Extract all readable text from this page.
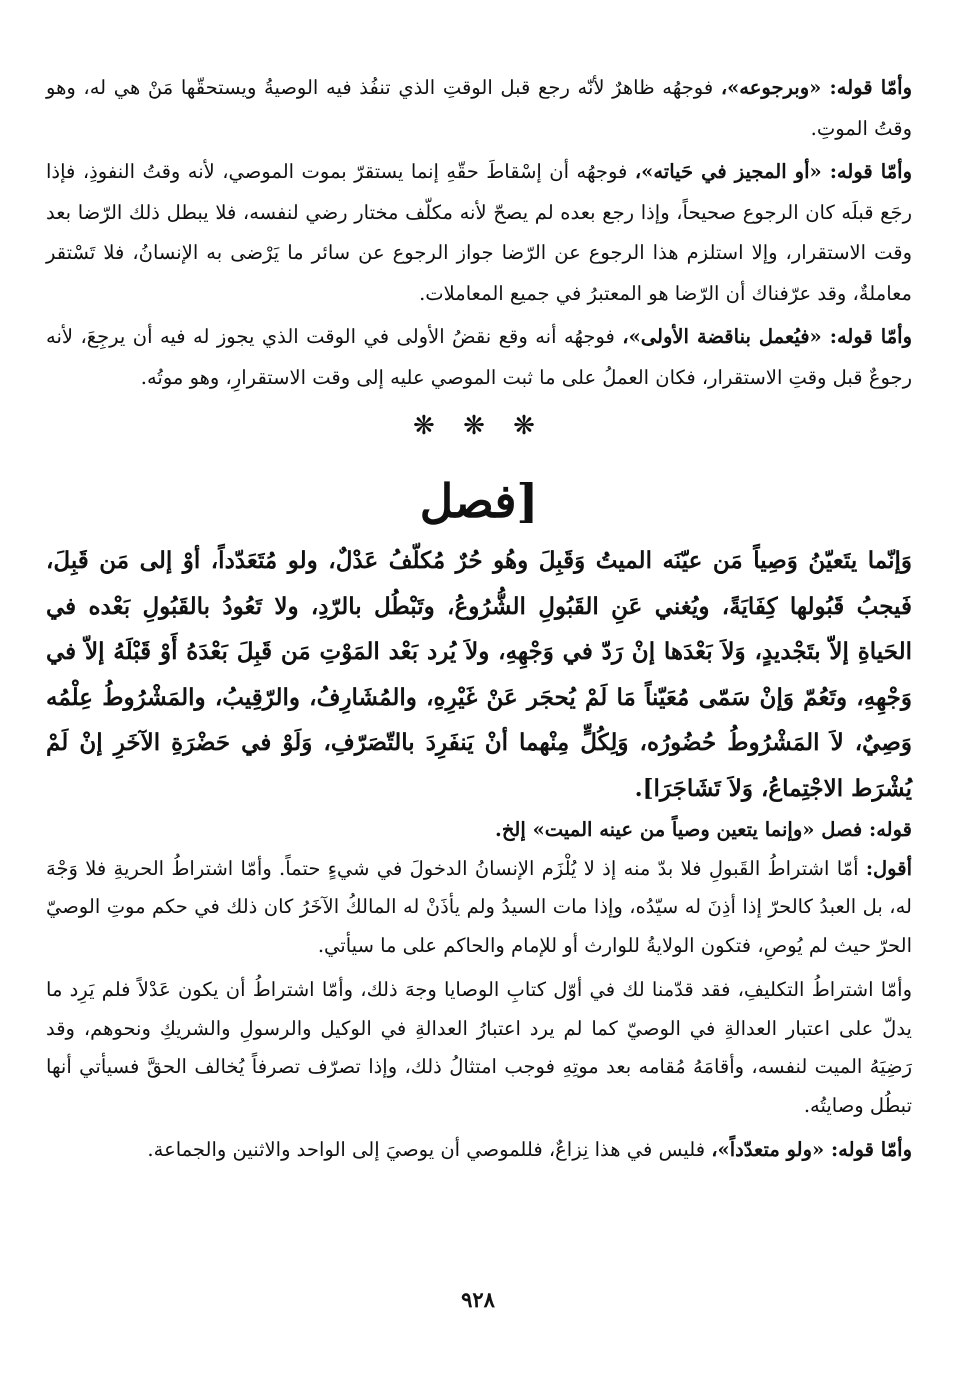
وأمّا قوله: «وبرجوعه»، فوجهُه ظاهرٌ لأنّه رجع قبل الوقتِ الذي تنفُذ فيه الوصيةُ ويستحقّها مَنْ هي له، وهو وقتُ الموتِ.

وأمّا قوله: «أو المجيز في حَياته»، فوجهُه أن إسْقاطَ حقّهِ إنما يستقرّ بموت الموصي، لأنه وقتُ النفوذِ، فإذا رجَع قبلَه كان الرجوع صحيحاً، وإذا رجع بعده لم يصحّ لأنه مكلّف مختار رضي لنفسه، فلا يبطل ذلك الرّضا بعد وقت الاستقرار، وإلا استلزم هذا الرجوع عن الرّضا جواز الرجوع عن سائر ما يَرْضى به الإنسانُ، فلا تَسْتقر معاملةٌ، وقد عرّفناك أن الرّضا هو المعتبرُ في جميع المعاملات.

وأمّا قوله: «فيُعمل بناقضة الأولى»، فوجهُه أنه وقع نقضُ الأولى في الوقت الذي يجوز له فيه أن يرجِعَ، لأنه رجوعٌ قبل وقتِ الاستقرار، فكان العملُ على ما ثبت الموصي عليه إلى وقت الاستقرارِ، وهو موتُه.

❋ ❋ ❋
[فصل

وَإنّما يتَعيّنُ وَصِياً مَن عيّنَه الميتُ وَقَبِلَ وهُو حُرٌ مُكلّفُ عَدْلٌ، ولو مُتَعَدّداً، أوْ إلى مَن قَبِلَ، فَيجبُ قَبُولها كِفَايَةً، ويُغني عَنِ القَبُولِ الشُّرُوعُ، وتَبْطُل بالرّدِ، ولا تَعُودُ بالقَبُولِ بَعْده في الحَياةِ إلاّ بتَجْديدٍ، وَلاَ بَعْدَها إنْ رَدّ في وَجْهِهِ، ولاَ يُرد بَعْد المَوْتِ مَن قَبِلَ بَعْدَهُ أَوْ قَبْلَهُ إلاّ في وَجْهِهِ، وتَعُمّ وَإنْ سَمّى مُعَيّناً مَا لَمْ يُحجَر عَنْ غَيْرِهِ، والمُشَارِفُ، والرّقِيبُ، والمَشْرُوطُ عِلْمُه وَصِيٌ، لاَ المَشْرُوطُ حُضُورُه، وَلِكُلٍّ مِنْهما أنْ يَنفَرِدَ بالتّصَرّفِ، وَلَوْ في حَضْرَةِ الآخَرِ إنْ لَمْ يُشْرَط الاجْتِماعُ، وَلاَ تَشَاجَرَا].

قوله: فصل «وإنما يتعين وصياً من عينه الميت» إلخ.

أقول: أمّا اشتراطُ القَبولِ فلا بدّ منه إذ لا يُلْزَم الإنسانُ الدخولَ في شيءٍ حتماً. وأمّا اشتراطُ الحريةِ فلا وَجْهَ له، بل العبدُ كالحرّ إذا أذِنَ له سيّدُه، وإذا مات السيدُ ولم يأذَنْ له المالكُ الآخَرُ كان ذلك في حكم موتِ الوصيّ الحرّ حيث لم يُوصِ، فتكون الولايةُ للوارث أو للإمام والحاكم على ما سيأتي.

وأمّا اشتراطُ التكليفِ، فقد قدّمنا لك في أوّل كتابِ الوصايا وجهَ ذلك، وأمّا اشتراطُ أن يكون عَدْلاً فلم يَرِد ما يدلّ على اعتبار العدالةِ في الوصيّ كما لم يرد اعتبارُ العدالةِ في الوكيل والرسولِ والشريكِ ونحوهم، وقد رَضِيَهُ الميت لنفسه، وأقامَهُ مُقامه بعد موتِهِ فوجب امتثالُ ذلك، وإذا تصرّف تصرفاً يُخالف الحقَّ فسيأتي أنها تبطُل وصايتُه.

وأمّا قوله: «ولو متعدّداً»، فليس في هذا نِزاعٌ، فللموصي أن يوصيَ إلى الواحد والاثنين والجماعة.

٩٢٨
